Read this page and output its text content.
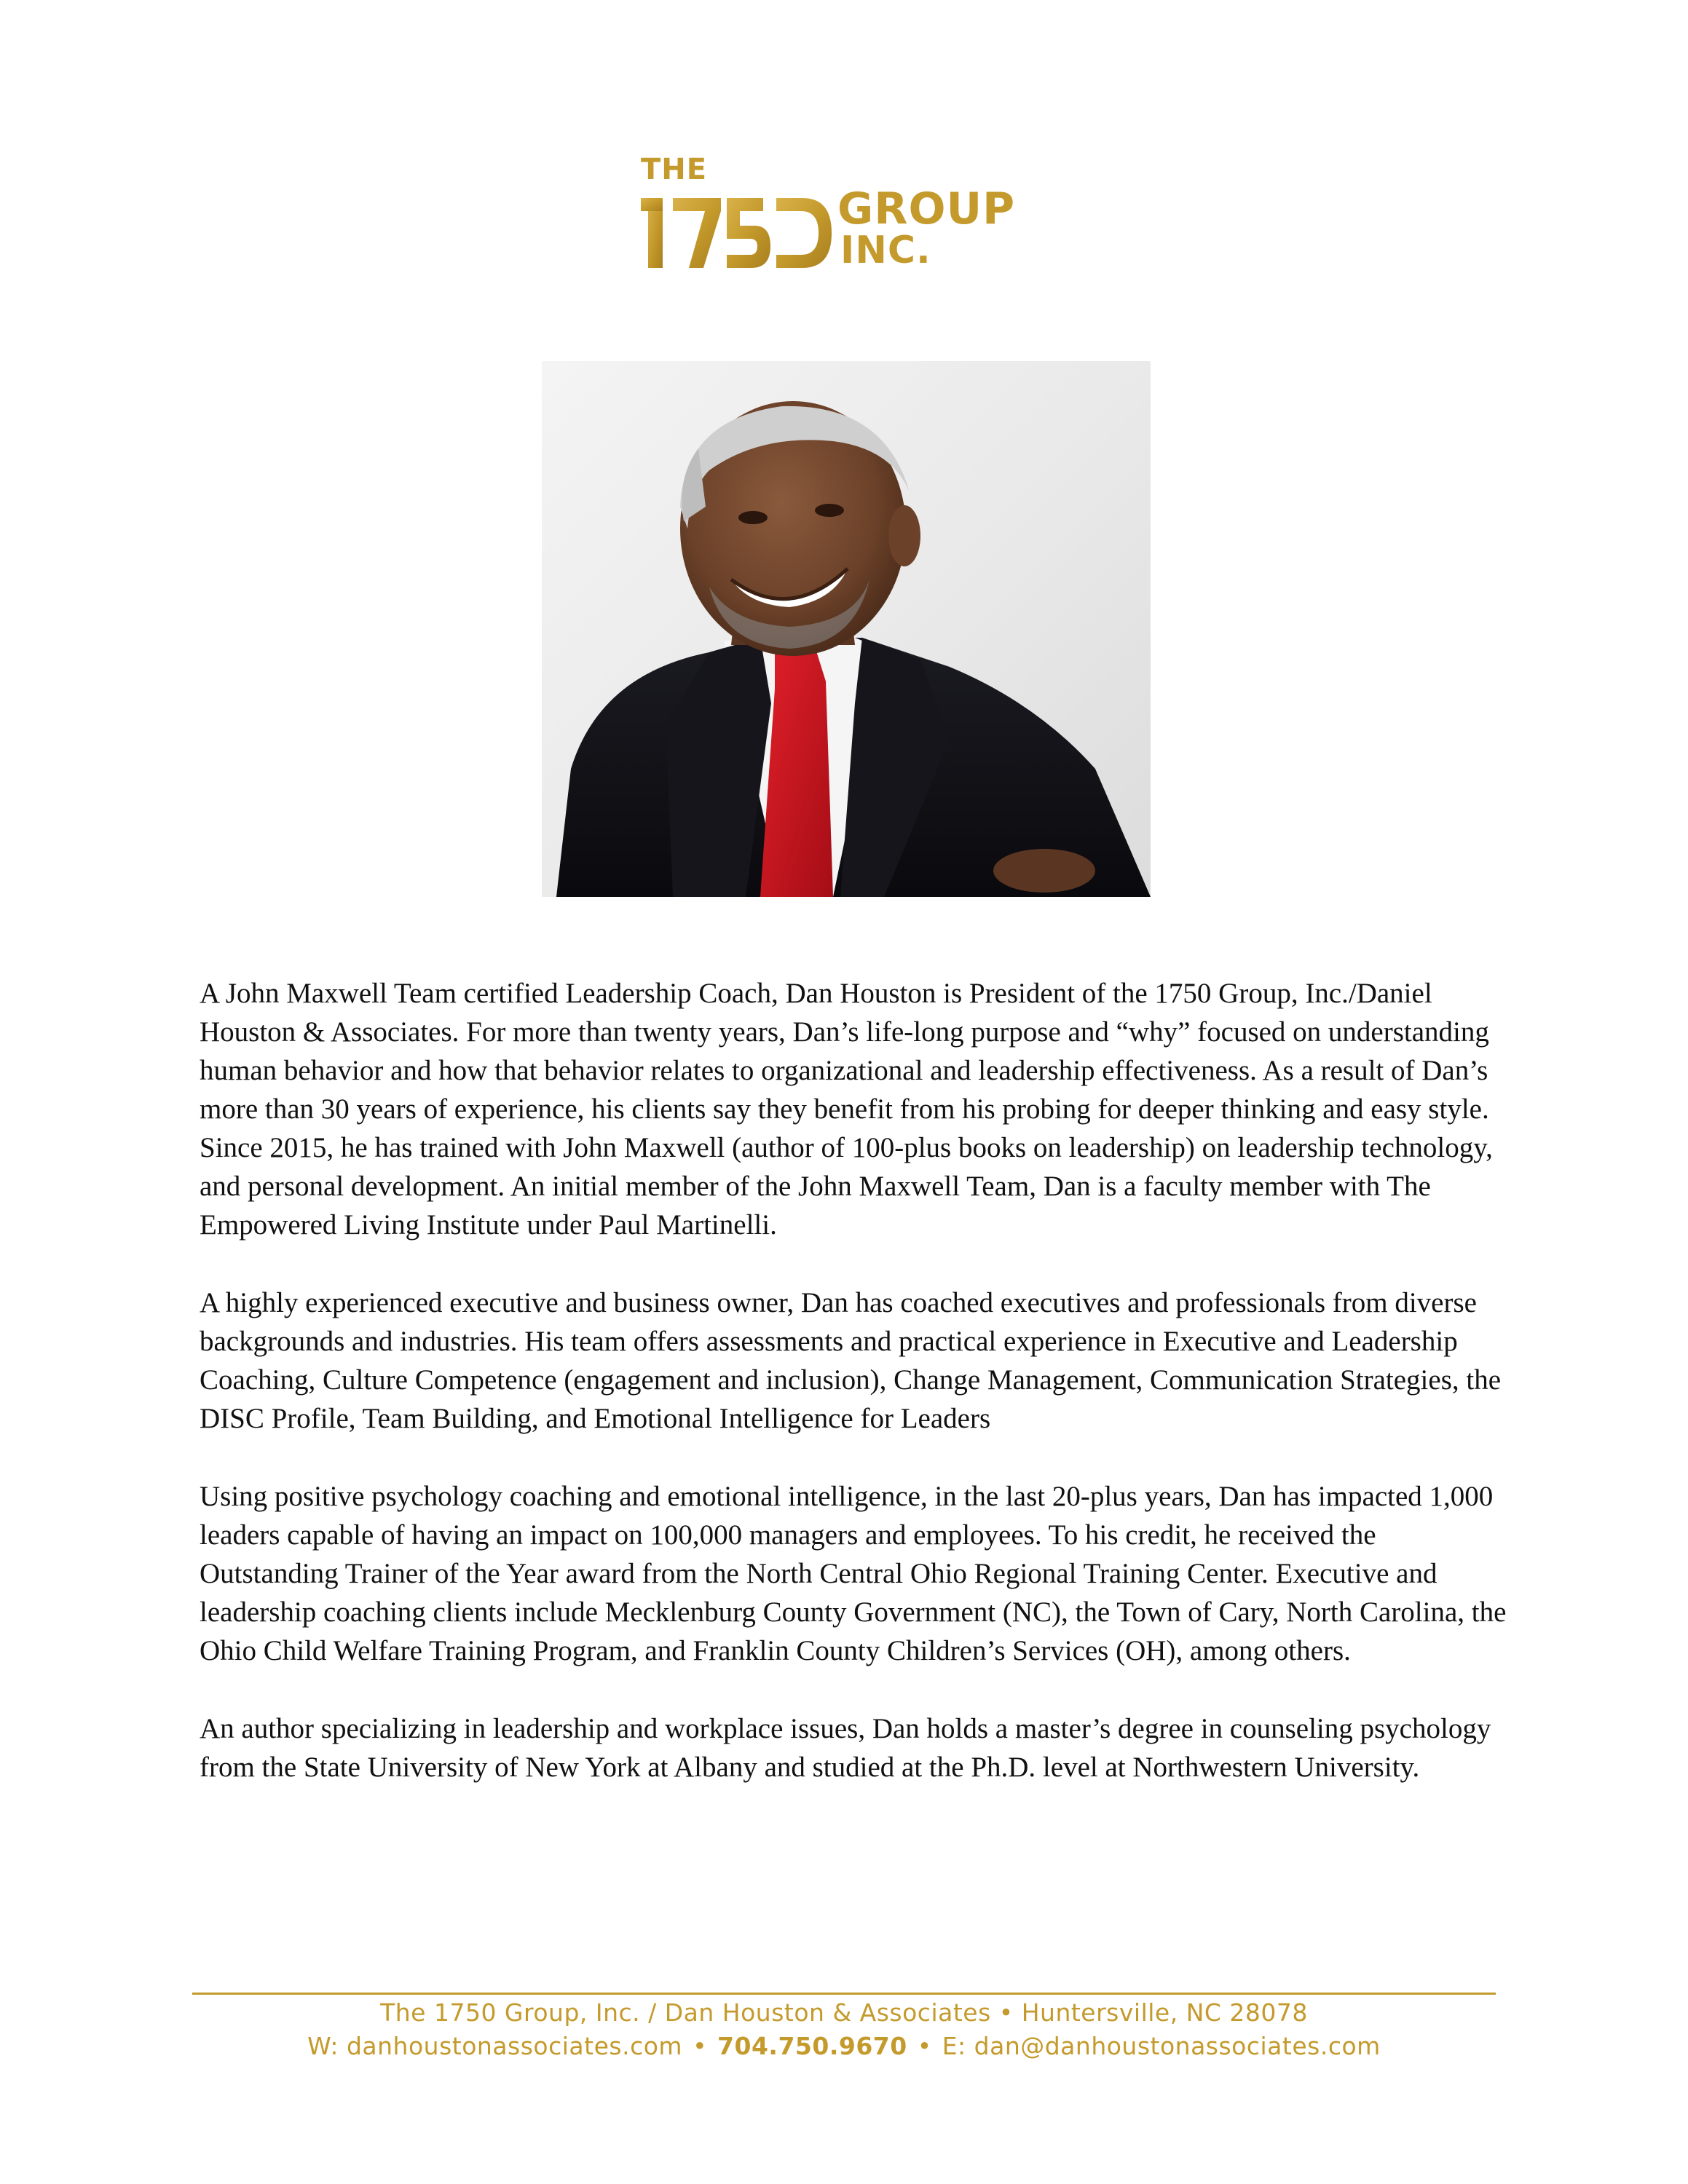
THE
GROUP
INC.

A John Maxwell Team certified Leadership Coach, Dan Houston is President of the 1750 Group, Inc./Daniel Houston & Associates. For more than twenty years, Dan’s life-long purpose and “why” focused on understanding human behavior and how that behavior relates to organizational and leadership effectiveness. As a result of Dan’s more than 30 years of experience, his clients say they benefit from his probing for deeper thinking and easy style. Since 2015, he has trained with John Maxwell (author of 100-plus books on leadership) on leadership technology, and personal development. An initial member of the John Maxwell Team, Dan is a faculty member with The Empowered Living Institute under Paul Martinelli.

A highly experienced executive and business owner, Dan has coached executives and professionals from diverse backgrounds and industries. His team offers assessments and practical experience in Executive and Leadership Coaching, Culture Competence (engagement and inclusion), Change Management, Communication Strategies, the DISC Profile, Team Building, and Emotional Intelligence for Leaders

Using positive psychology coaching and emotional intelligence, in the last 20-plus years, Dan has impacted 1,000 leaders capable of having an impact on 100,000 managers and employees. To his credit, he received the Outstanding Trainer of the Year award from the North Central Ohio Regional Training Center. Executive and leadership coaching clients include Mecklenburg County Government (NC), the Town of Cary, North Carolina, the Ohio Child Welfare Training Program, and Franklin County Children’s Services (OH), among others.

An author specializing in leadership and workplace issues, Dan holds a master’s degree in counseling psychology from the State University of New York at Albany and studied at the Ph.D. level at Northwestern University.

The 1750 Group, Inc. / Dan Houston & Associates • Huntersville, NC 28078
W: danhoustonassociates.com • 704.750.9670 • E: dan@danhoustonassociates.com
